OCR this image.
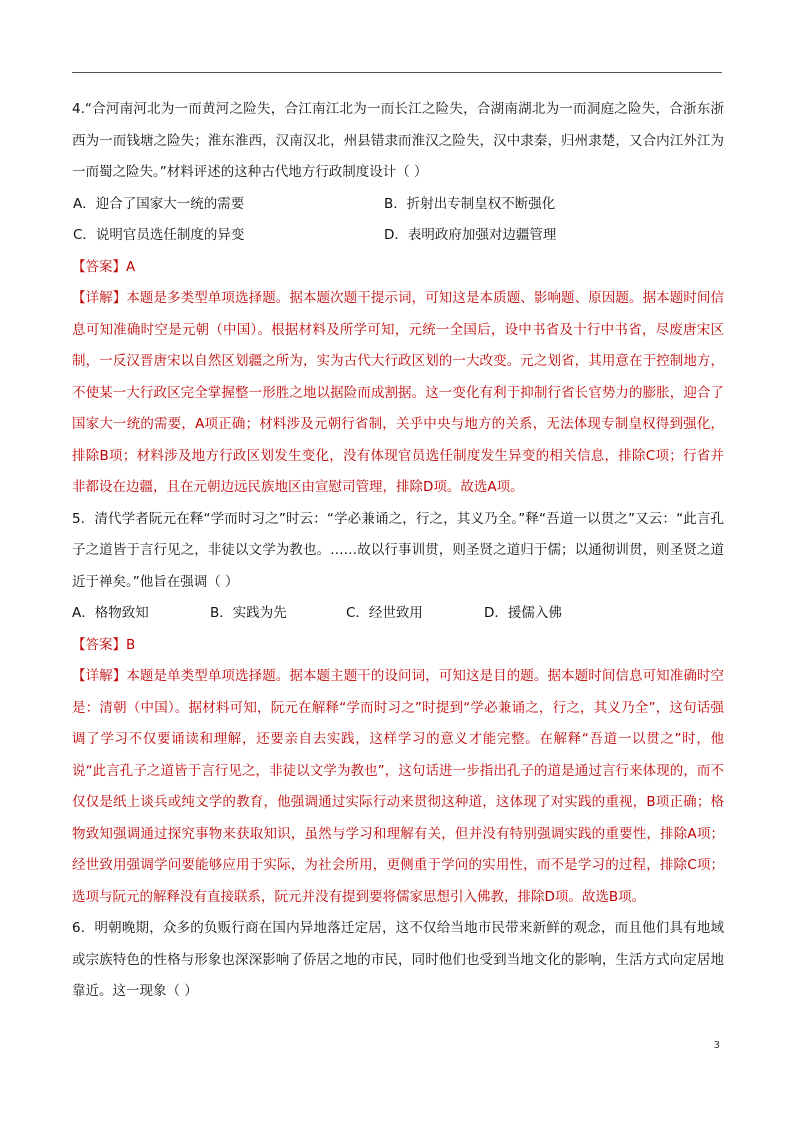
4.“合河南河北为一而黄河之险失，合江南江北为一而长江之险失，合湖南湖北为一而洞庭之险失，合浙东浙西为一而钱塘之险失；淮东淮西，汉南汉北，州县错隶而淮汉之险失，汉中隶秦，归州隶楚，又合内江外江为一而蜀之险失。”材料评述的这种古代地方行政制度设计（ ）

A．迎合了国家大一统的需要	B．折射出专制皇权不断强化
C．说明官员选任制度的异变	D．表明政府加强对边疆管理

【答案】A

【详解】本题是多类型单项选择题。据本题次题干提示词，可知这是本质题、影响题、原因题。据本题时间信息可知准确时空是元朝（中国）。根据材料及所学可知，元统一全国后，设中书省及十行中书省，尽废唐宋区制，一反汉晋唐宋以自然区划疆之所为，实为古代大行政区划的一大改变。元之划省，其用意在于控制地方，不使某一大行政区完全掌握整一形胜之地以据险而成割据。这一变化有利于抑制行省长官势力的膨胀，迎合了国家大一统的需要，A项正确；材料涉及元朝行省制，关乎中央与地方的关系，无法体现专制皇权得到强化，排除B项；材料涉及地方行政区划发生变化，没有体现官员选任制度发生异变的相关信息，排除C项；行省并非都设在边疆，且在元朝边远民族地区由宣慰司管理，排除D项。故选A项。

5．清代学者阮元在释“学而时习之”时云：“学必兼诵之，行之，其义乃全。”释“吾道一以贯之”又云：“此言孔子之道皆于言行见之，非徒以文学为教也。……故以行事训贯，则圣贤之道归于儒；以通彻训贯，则圣贤之道近于禅矣。”他旨在强调（ ）

A．格物致知	B．实践为先	C．经世致用	D．援儒入佛

【答案】B

【详解】本题是单类型单项选择题。据本题主题干的设问词，可知这是目的题。据本题时间信息可知准确时空是：清朝（中国）。据材料可知，阮元在解释“学而时习之”时提到“学必兼诵之，行之，其义乃全”，这句话强调了学习不仅要诵读和理解，还要亲自去实践，这样学习的意义才能完整。在解释“吾道一以贯之”时，他说“此言孔子之道皆于言行见之，非徒以文学为教也”，这句话进一步指出孔子的道是通过言行来体现的，而不仅仅是纸上谈兵或纯文学的教育，他强调通过实际行动来贯彻这种道，这体现了对实践的重视，B项正确；格物致知强调通过探究事物来获取知识，虽然与学习和理解有关，但并没有特别强调实践的重要性，排除A项；经世致用强调学问要能够应用于实际，为社会所用，更侧重于学问的实用性，而不是学习的过程，排除C项；选项与阮元的解释没有直接联系，阮元并没有提到要将儒家思想引入佛教，排除D项。故选B项。

6．明朝晚期，众多的负贩行商在国内异地落迁定居，这不仅给当地市民带来新鲜的观念，而且他们具有地域或宗族特色的性格与形象也深深影响了侨居之地的市民，同时他们也受到当地文化的影响，生活方式向定居地靠近。这一现象（ ）

3
